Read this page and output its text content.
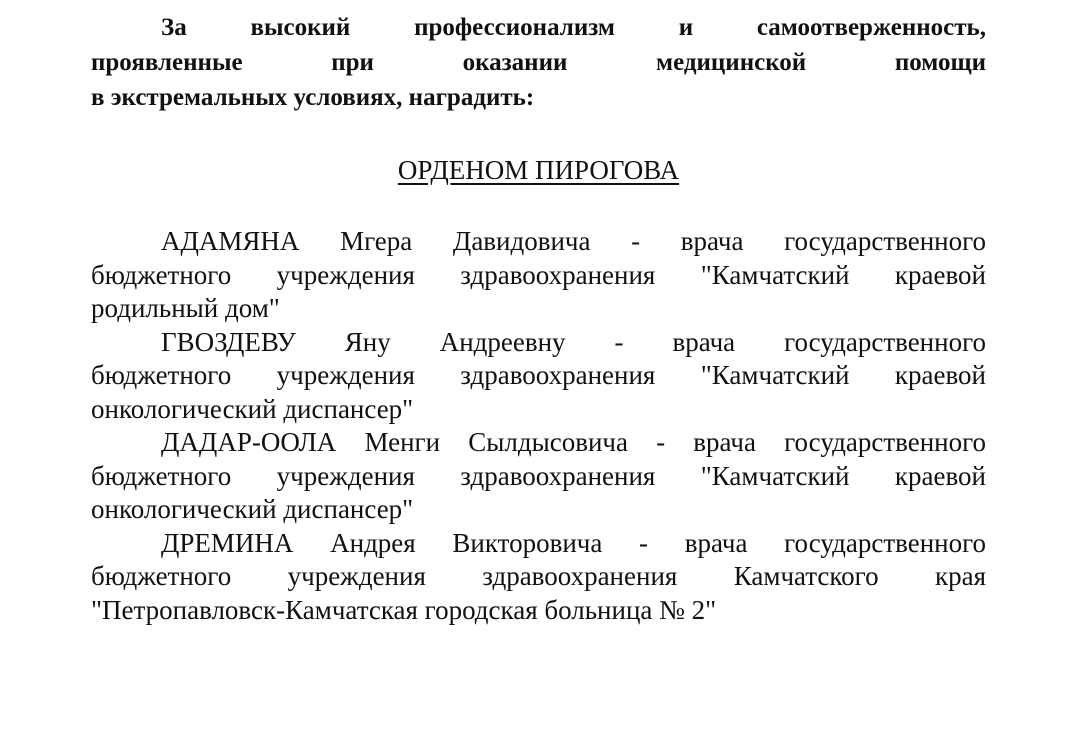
За высокий профессионализм и самоотверженность,
проявленные при оказании медицинской помощи
в экстремальных условиях, наградить:

ОРДЕНОМ ПИРОГОВА

АДАМЯНА Мгера Давидовича - врача государственного
бюджетного учреждения здравоохранения "Камчатский краевой
родильный дом"

ГВОЗДЕВУ Яну Андреевну - врача государственного
бюджетного учреждения здравоохранения "Камчатский краевой
онкологический диспансер"

ДАДАР-ООЛА Менги Сылдысовича - врача государственного
бюджетного учреждения здравоохранения "Камчатский краевой
онкологический диспансер"

ДРЕМИНА Андрея Викторовича - врача государственного
бюджетного учреждения здравоохранения Камчатского края
"Петропавловск-Камчатская городская больница № 2"
